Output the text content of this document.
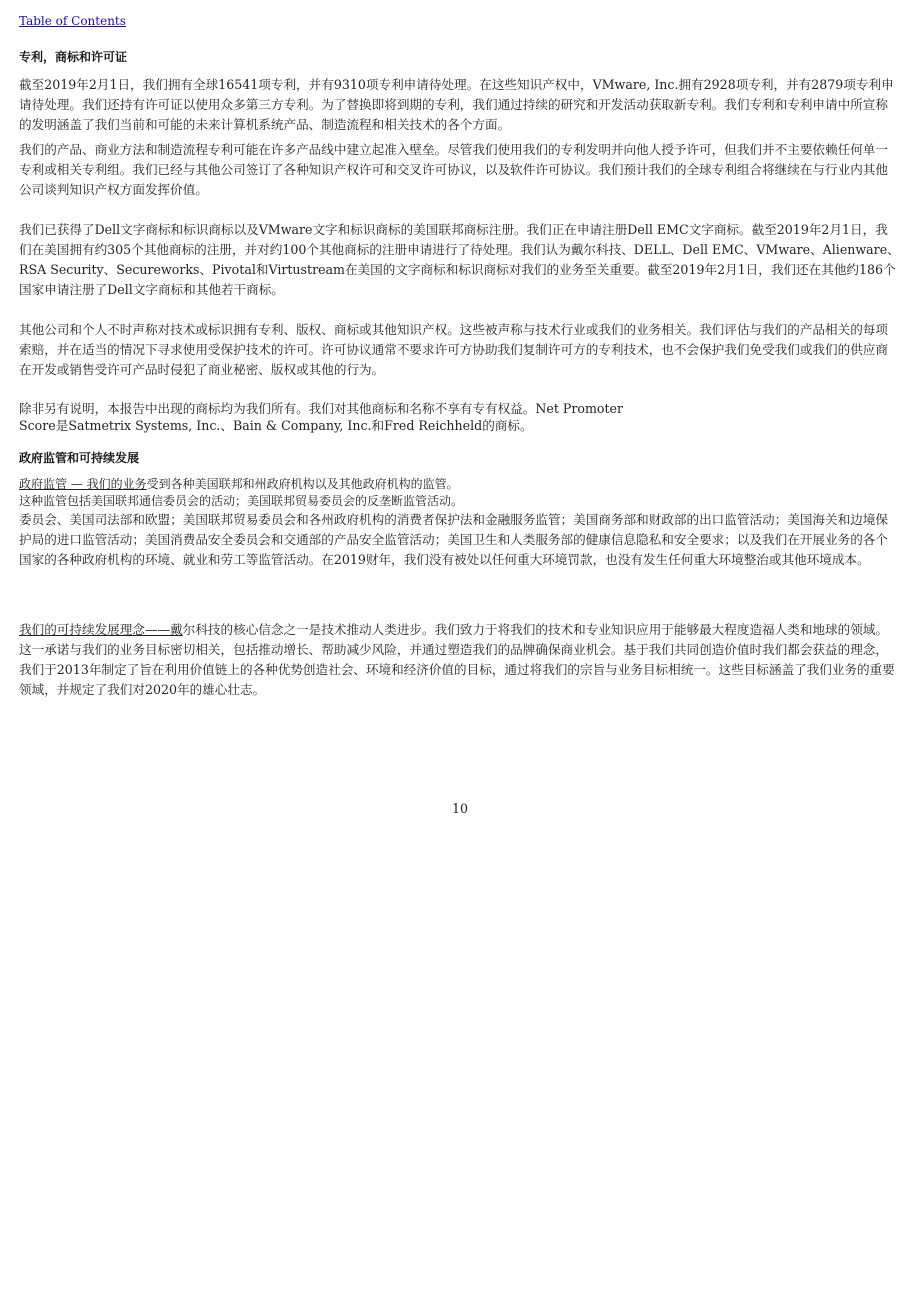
Table of Contents
专利，商标和许可证

截至2019年2月1日，我们拥有全球16541项专利，并有9310项专利申请待处理。在这些知识产权中，VMware, Inc.拥有2928项专利，并有2879项专利申请待处理。我们还持有许可证以使用众多第三方专利。为了替换即将到期的专利，我们通过持续的研究和开发活动获取新专利。我们专利和专利申请中所宣称的发明涵盖了我们当前和可能的未来计算机系统产品、制造流程和相关技术的各个方面。

我们的产品、商业方法和制造流程专利可能在许多产品线中建立起准入壁垒。尽管我们使用我们的专利发明并向他人授予许可，但我们并不主要依赖任何单一专利或相关专利组。我们已经与其他公司签订了各种知识产权许可和交叉许可协议，以及软件许可协议。我们预计我们的全球专利组合将继续在与行业内其他公司谈判知识产权方面发挥价值。

我们已获得了Dell文字商标和标识商标以及VMware文字和标识商标的美国联邦商标注册。我们正在申请注册Dell EMC文字商标。截至2019年2月1日，我们在美国拥有约305个其他商标的注册，并对约100个其他商标的注册申请进行了待处理。我们认为戴尔科技、DELL、Dell EMC、VMware、Alienware、RSA Security、Secureworks、Pivotal和Virtustream在美国的文字商标和标识商标对我们的业务至关重要。截至2019年2月1日，我们还在其他约186个国家申请注册了Dell文字商标和其他若干商标。

其他公司和个人不时声称对技术或标识拥有专利、版权、商标或其他知识产权。这些被声称与技术行业或我们的业务相关。我们评估与我们的产品相关的每项索赔，并在适当的情况下寻求使用受保护技术的许可。许可协议通常不要求许可方协助我们复制许可方的专利技术，也不会保护我们免受我们或我们的供应商在开发或销售受许可产品时侵犯了商业秘密、版权或其他的行为。

除非另有说明，本报告中出现的商标均为我们所有。我们对其他商标和名称不享有专有权益。Net Promoter
Score是Satmetrix Systems, Inc.、Bain & Company, Inc.和Fred Reichheld的商标。

政府监管和可持续发展

政府监管 — 我们的业务受到各种美国联邦和州政府机构以及其他政府机构的监管。

这种监管包括美国联邦通信委员会的活动；美国联邦贸易委员会的反垄断监管活动。

委员会、美国司法部和欧盟；美国联邦贸易委员会和各州政府机构的消费者保护法和金融服务监管；美国商务部和财政部的出口监管活动；美国海关和边境保护局的进口监管活动；美国消费品安全委员会和交通部的产品安全监管活动；美国卫生和人类服务部的健康信息隐私和安全要求；以及我们在开展业务的各个国家的各种政府机构的环境、就业和劳工等监管活动。在2019财年，我们没有被处以任何重大环境罚款，也没有发生任何重大环境整治或其他环境成本。

我们的可持续发展理念——戴尔科技的核心信念之一是技术推动人类进步。我们致力于将我们的技术和专业知识应用于能够最大程度造福人类和地球的领域。这一承诺与我们的业务目标密切相关，包括推动增长、帮助减少风险，并通过塑造我们的品牌确保商业机会。基于我们共同创造价值时我们都会获益的理念，我们于2013年制定了旨在利用价值链上的各种优势创造社会、环境和经济价值的目标，通过将我们的宗旨与业务目标相统一。这些目标涵盖了我们业务的重要领域，并规定了我们对2020年的雄心壮志。

10
